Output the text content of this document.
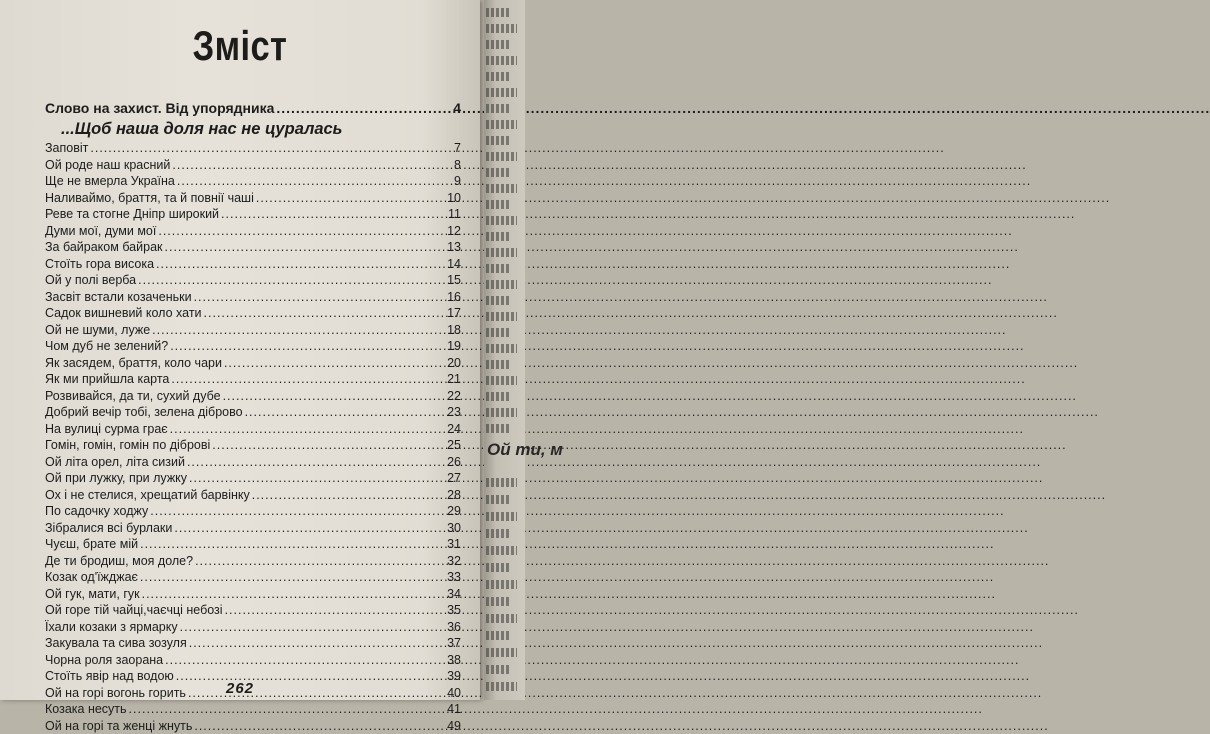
Зміст
Слово на захист. Від упорядника .....	4
...Щоб наша доля нас не цуралась
Заповіт .....	7
Ой роде наш красний .....	8
Ще не вмерла Україна .....	9
Наливаймо, браття, та й повнії чаші .....	10
Реве та стогне Дніпр широкий .....	11
Думи мої, думи мої .....	12
За байраком байрак .....	13
Стоїть гора висока .....	14
Ой у полі верба .....	15
Засвіт встали козаченьки .....	16
Садок вишневий коло хати .....	17
Ой не шуми, луже .....	18
Чом дуб не зелений? .....	19
Як засядем, браття, коло чари .....	20
Як ми прийшла карта .....	21
Розвивайся, да ти, сухий дубе .....	22
Добрий вечір тобі, зелена діброво .....	23
На вулиці сурма грає .....	24
Гомін, гомін, гомін по діброві .....	25
Ой літа орел, літа сизий .....	26
Ой при лужку, при лужку .....	27
Ох і не стелися, хрещатий барвінку .....	28
По садочку ходжу .....	29
Зібралися всі бурлаки .....	30
Чуєш, брате мій .....	31
Де ти бродиш, моя доле? .....	32
Козак од'їжджає .....	33
Ой гук, мати, гук .....	34
Ой горе тій чайці,чаєчці небозі .....	35
Їхали козаки з ярмарку .....	36
Закувала та сива зозуля .....	37
Чорна роля заорана .....	38
Стоїть явір над водою .....	39
Ой на горі вогонь горить .....	40
Козака несуть .....	41
Ой на горі та женці жнуть .....	49
262
Ой ти, м
